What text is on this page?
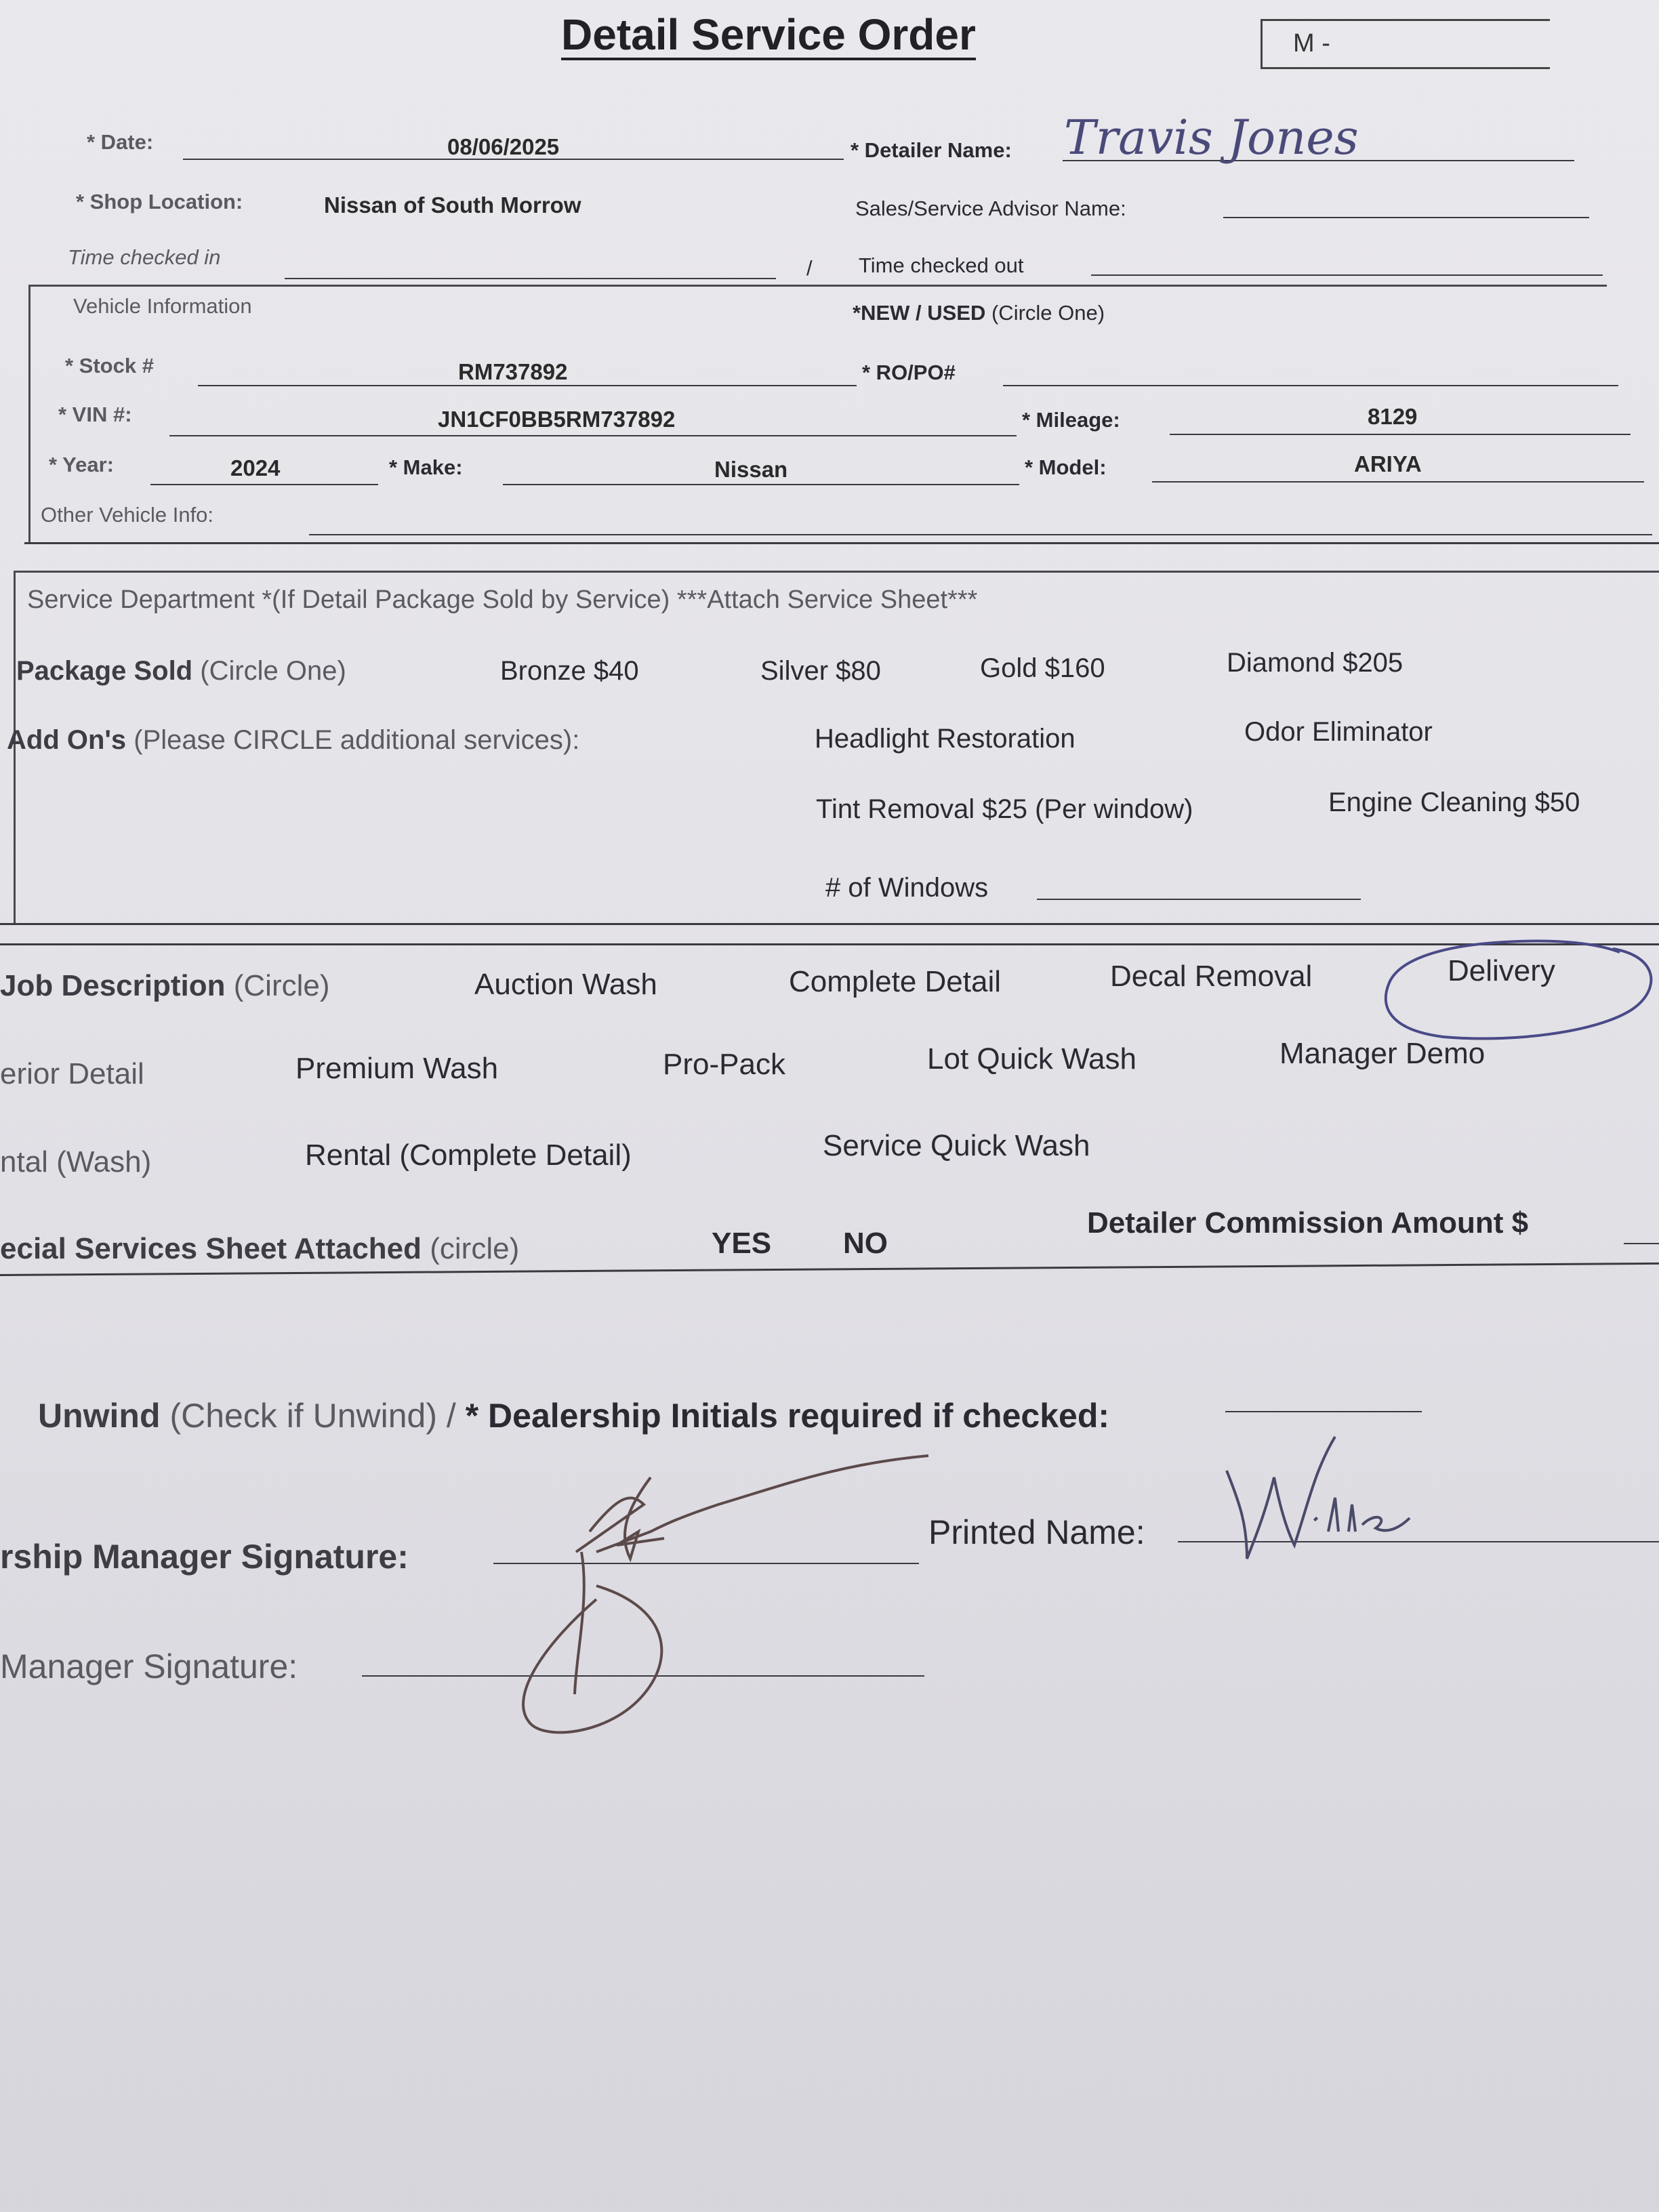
Detail Service Order	M -
* Date:	08/06/2025	* Detailer Name: Travis Jones
* Shop Location:	Nissan of South Morrow	Sales/Service Advisor Name:
Time checked in	/ Time checked out
Vehicle Information	*NEW / USED (Circle One)
* Stock #	RM737892	* RO/PO#
* VIN #:	JN1CF0BB5RM737892	* Mileage:	8129
* Year:	2024	* Make:	Nissan	* Model:	ARIYA
Other Vehicle Info:
Service Department *(If Detail Package Sold by Service) ***Attach Service Sheet***
Package Sold (Circle One)	Bronze $40	Silver $80	Gold $160	Diamond $205
Add On's (Please CIRCLE additional services):	Headlight Restoration	Odor Eliminator
Tint Removal $25 (Per window)	Engine Cleaning $50
# of Windows
Job Description (Circle)	Auction Wash	Complete Detail	Decal Removal	Delivery
erior Detail	Premium Wash	Pro-Pack	Lot Quick Wash	Manager Demo
ntal (Wash)	Rental (Complete Detail)	Service Quick Wash
ecial Services Sheet Attached (circle)	YES NO
Detailer Commission Amount $
Unwind (Check if Unwind) / * Dealership Initials required if checked:
rship Manager Signature:
Printed Name:
Manager Signature:
